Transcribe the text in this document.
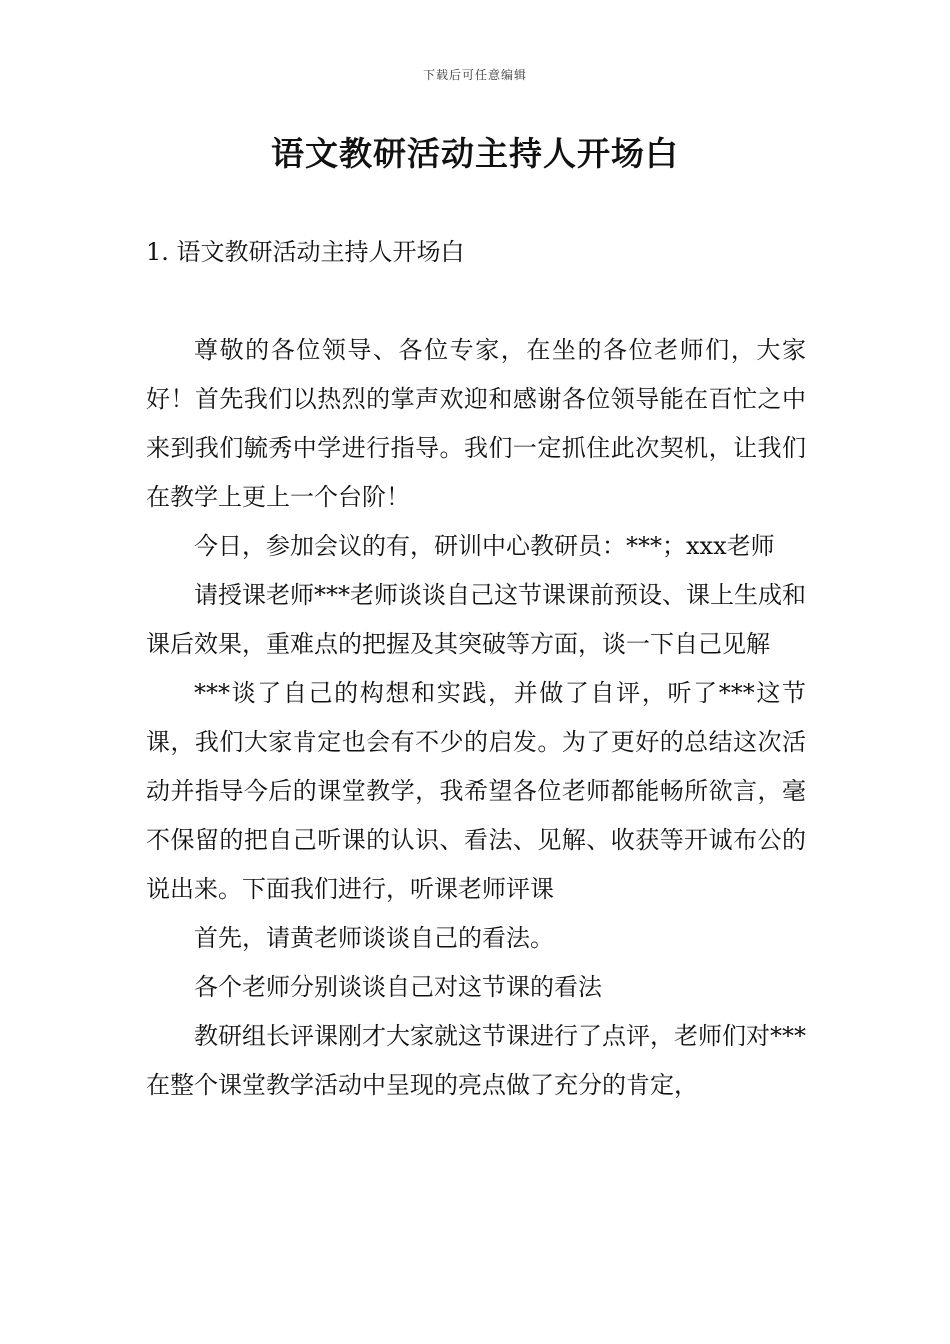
下载后可任意编辑
语文教研活动主持人开场白
1. 语文教研活动主持人开场白

尊敬的各位领导、各位专家，在坐的各位老师们，大家好！首先我们以热烈的掌声欢迎和感谢各位领导能在百忙之中来到我们毓秀中学进行指导。我们一定抓住此次契机，让我们在教学上更上一个台阶！

今日，参加会议的有，研训中心教研员：***；xxx老师

请授课老师***老师谈谈自己这节课课前预设、课上生成和课后效果，重难点的把握及其突破等方面，谈一下自己见解

***谈了自己的构想和实践，并做了自评，听了***这节课，我们大家肯定也会有不少的启发。为了更好的总结这次活动并指导今后的课堂教学，我希望各位老师都能畅所欲言，毫不保留的把自己听课的认识、看法、见解、收获等开诚布公的说出来。下面我们进行，听课老师评课

首先，请黄老师谈谈自己的看法。

各个老师分别谈谈自己对这节课的看法

教研组长评课刚才大家就这节课进行了点评，老师们对***在整个课堂教学活动中呈现的亮点做了充分的肯定，
